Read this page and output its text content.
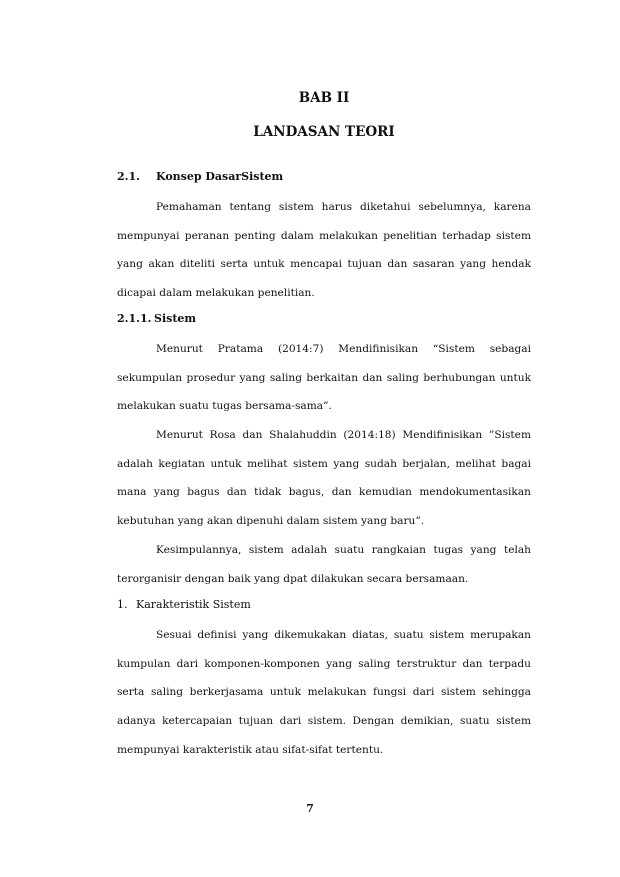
BAB II
LANDASAN TEORI

2.1. Konsep DasarSistem

Pemahaman tentang sistem harus diketahui sebelumnya, karena mempunyai peranan penting dalam melakukan penelitian terhadap sistem yang akan diteliti serta untuk mencapai tujuan dan sasaran yang hendak dicapai dalam melakukan penelitian.

2.1.1. Sistem

Menurut Pratama (2014:7) Mendifinisikan “Sistem sebagai sekumpulan prosedur yang saling berkaitan dan saling berhubungan untuk melakukan suatu tugas bersama-sama”.

Menurut Rosa dan Shalahuddin (2014:18) Mendifinisikan ”Sistem adalah kegiatan untuk melihat sistem yang sudah berjalan, melihat bagai mana yang bagus dan tidak bagus, dan kemudian mendokumentasikan kebutuhan yang akan dipenuhi dalam sistem yang baru”.

Kesimpulannya, sistem adalah suatu rangkaian tugas yang telah terorganisir dengan baik yang dpat dilakukan secara bersamaan.

1. Karakteristik Sistem

Sesuai definisi yang dikemukakan diatas, suatu sistem merupakan kumpulan dari komponen-komponen yang saling terstruktur dan terpadu serta saling berkerjasama untuk melakukan fungsi dari sistem sehingga adanya ketercapaian tujuan dari sistem. Dengan demikian, suatu sistem mempunyai karakteristik atau sifat-sifat tertentu.

7
